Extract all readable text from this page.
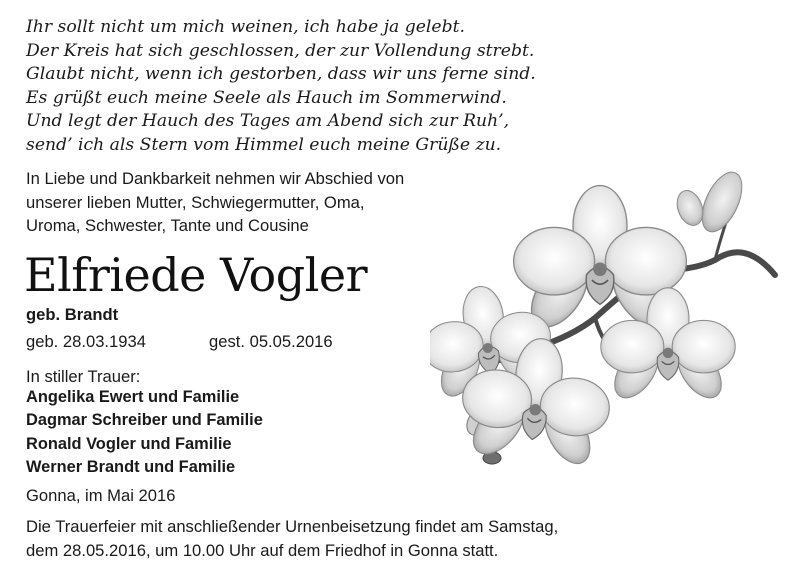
Ihr sollt nicht um mich weinen, ich habe ja gelebt.
Der Kreis hat sich geschlossen, der zur Vollendung strebt.
Glaubt nicht, wenn ich gestorben, dass wir uns ferne sind.
Es grüßt euch meine Seele als Hauch im Sommerwind.
Und legt der Hauch des Tages am Abend sich zur Ruh’,
send’ ich als Stern vom Himmel euch meine Grüße zu.
In Liebe und Dankbarkeit nehmen wir Abschied von
unserer lieben Mutter, Schwiegermutter, Oma,
Uroma, Schwester, Tante und Cousine
Elfriede Vogler
geb. Brandt
geb. 28.03.1934	gest. 05.05.2016
In stiller Trauer:
Angelika Ewert und Familie
Dagmar Schreiber und Familie
Ronald Vogler und Familie
Werner Brandt und Familie
Gonna, im Mai 2016
Die Trauerfeier mit anschließender Urnenbeisetzung findet am Samstag,
dem 28.05.2016, um 10.00 Uhr auf dem Friedhof in Gonna statt.
